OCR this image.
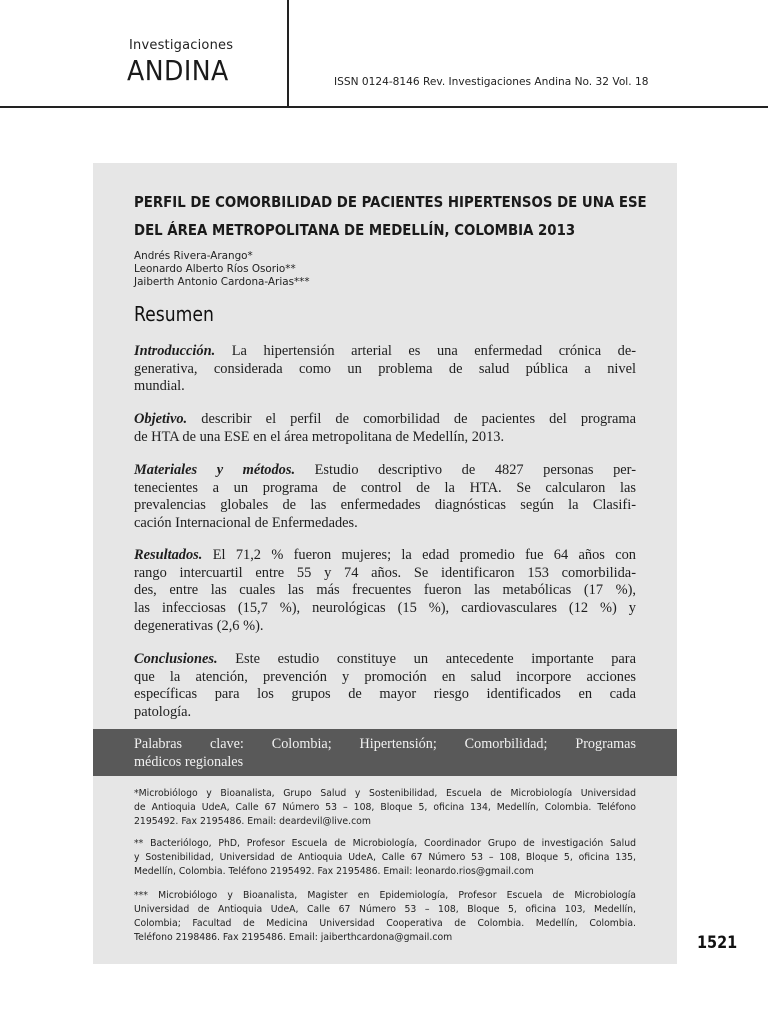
Investigaciones
ANDINA	ISSN 0124-8146 Rev. Investigaciones Andina No. 32 Vol. 18
PERFIL DE COMORBILIDAD DE PACIENTES HIPERTENSOS DE UNA ESE
DEL ÁREA METROPOLITANA DE MEDELLÍN, COLOMBIA 2013
Andrés Rivera-Arango*
Leonardo Alberto Ríos Osorio**
Jaiberth Antonio Cardona-Arias***
Resumen
Introducción. La hipertensión arterial es una enfermedad crónica de-
generativa, considerada como un problema de salud pública a nivel
mundial.
Objetivo. describir el perfil de comorbilidad de pacientes del programa
de HTA de una ESE en el área metropolitana de Medellín, 2013.
Materiales y métodos. Estudio descriptivo de 4827 personas per-
tenecientes a un programa de control de la HTA. Se calcularon las
prevalencias globales de las enfermedades diagnósticas según la Clasifi-
cación Internacional de Enfermedades.
Resultados. El 71,2 % fueron mujeres; la edad promedio fue 64 años con
rango intercuartil entre 55 y 74 años. Se identificaron 153 comorbilida-
des, entre las cuales las más frecuentes fueron las metabólicas (17 %),
las infecciosas (15,7 %), neurológicas (15 %), cardiovasculares (12 %) y
degenerativas (2,6 %).
Conclusiones. Este estudio constituye un antecedente importante para
que la atención, prevención y promoción en salud incorpore acciones
específicas para los grupos de mayor riesgo identificados en cada
patología.
Palabras clave: Colombia; Hipertensión; Comorbilidad; Programas
médicos regionales
*Microbiólogo y Bioanalista, Grupo Salud y Sostenibilidad, Escuela de Microbiología Universidad
de Antioquia UdeA, Calle 67 Número 53 – 108, Bloque 5, oficina 134, Medellín, Colombia. Teléfono
2195492. Fax 2195486. Email: deardevil@live.com
** Bacteriólogo, PhD, Profesor Escuela de Microbiología, Coordinador Grupo de investigación Salud
y Sostenibilidad, Universidad de Antioquia UdeA, Calle 67 Número 53 – 108, Bloque 5, oficina 135,
Medellín, Colombia. Teléfono 2195492. Fax 2195486. Email: leonardo.rios@gmail.com
*** Microbiólogo y Bioanalista, Magister en Epidemiología, Profesor Escuela de Microbiología
Universidad de Antioquia UdeA, Calle 67 Número 53 – 108, Bloque 5, oficina 103, Medellín,
Colombia; Facultad de Medicina Universidad Cooperativa de Colombia. Medellín, Colombia.
Teléfono 2198486. Fax 2195486. Email: jaiberthcardona@gmail.com	1521
